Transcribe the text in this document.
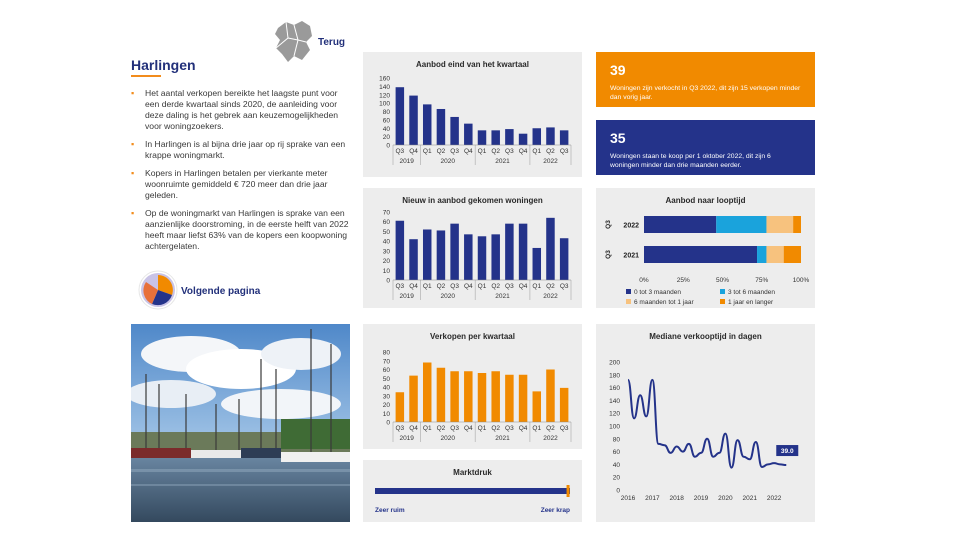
Terug
Harlingen
▪ Het aantal verkopen bereikte het laagste punt voor een derde kwartaal sinds 2020, de aanleiding voor deze daling is het gebrek aan keuzemogelijkheden voor woningzoekers.
▪ In Harlingen is al bijna drie jaar op rij sprake van een krappe woningmarkt.
▪ Kopers in Harlingen betalen per vierkante meter woonruimte gemiddeld € 720 meer dan drie jaar geleden.
▪ Op de woningmarkt van Harlingen is sprake van een aanzienlijke doorstroming, in de eerste helft van 2022 heeft maar liefst 63% van de kopers een koopwoning achtergelaten.
Volgende pagina
Aanbod eind van het kwartaal
0
20
40
60
80
100
120
140
160
Q3 Q4 Q1 Q2 Q3 Q4 Q1 Q2 Q3 Q4 Q1 Q2 Q3
2019	2020	2021	2022
Nieuw in aanbod gekomen woningen
0
10
20
30
40
50
60
70
Q3 Q4 Q1 Q2 Q3 Q4 Q1 Q2 Q3 Q4 Q1 Q2 Q3
2019	2020	2021	2022
Verkopen per kwartaal
0
10
20
30
40
50
60
70
80
Q3 Q4 Q1 Q2 Q3 Q4 Q1 Q2 Q3 Q4 Q1 Q2 Q3
2019	2020	2021	2022
Marktdruk
Zeer ruim	Zeer krap
39
Woningen zijn verkocht in Q3 2022, dit zijn 15 verkopen minder dan vorig jaar.
35
Woningen staan te koop per 1 oktober 2022, dit zijn 6 woningen minder dan drie maanden eerder.
Aanbod naar looptijd
2022
Q3
2021
Q3
0%	25%	50%	75%	100%
0 tot 3 maanden	3 tot 6 maanden
6 maanden tot 1 jaar	1 jaar en langer
Mediane verkooptijd in dagen
0
20
40
60
80
100
120
140
160
180
200
2016 2017 2018 2019 2020 2021 2022
39.0
